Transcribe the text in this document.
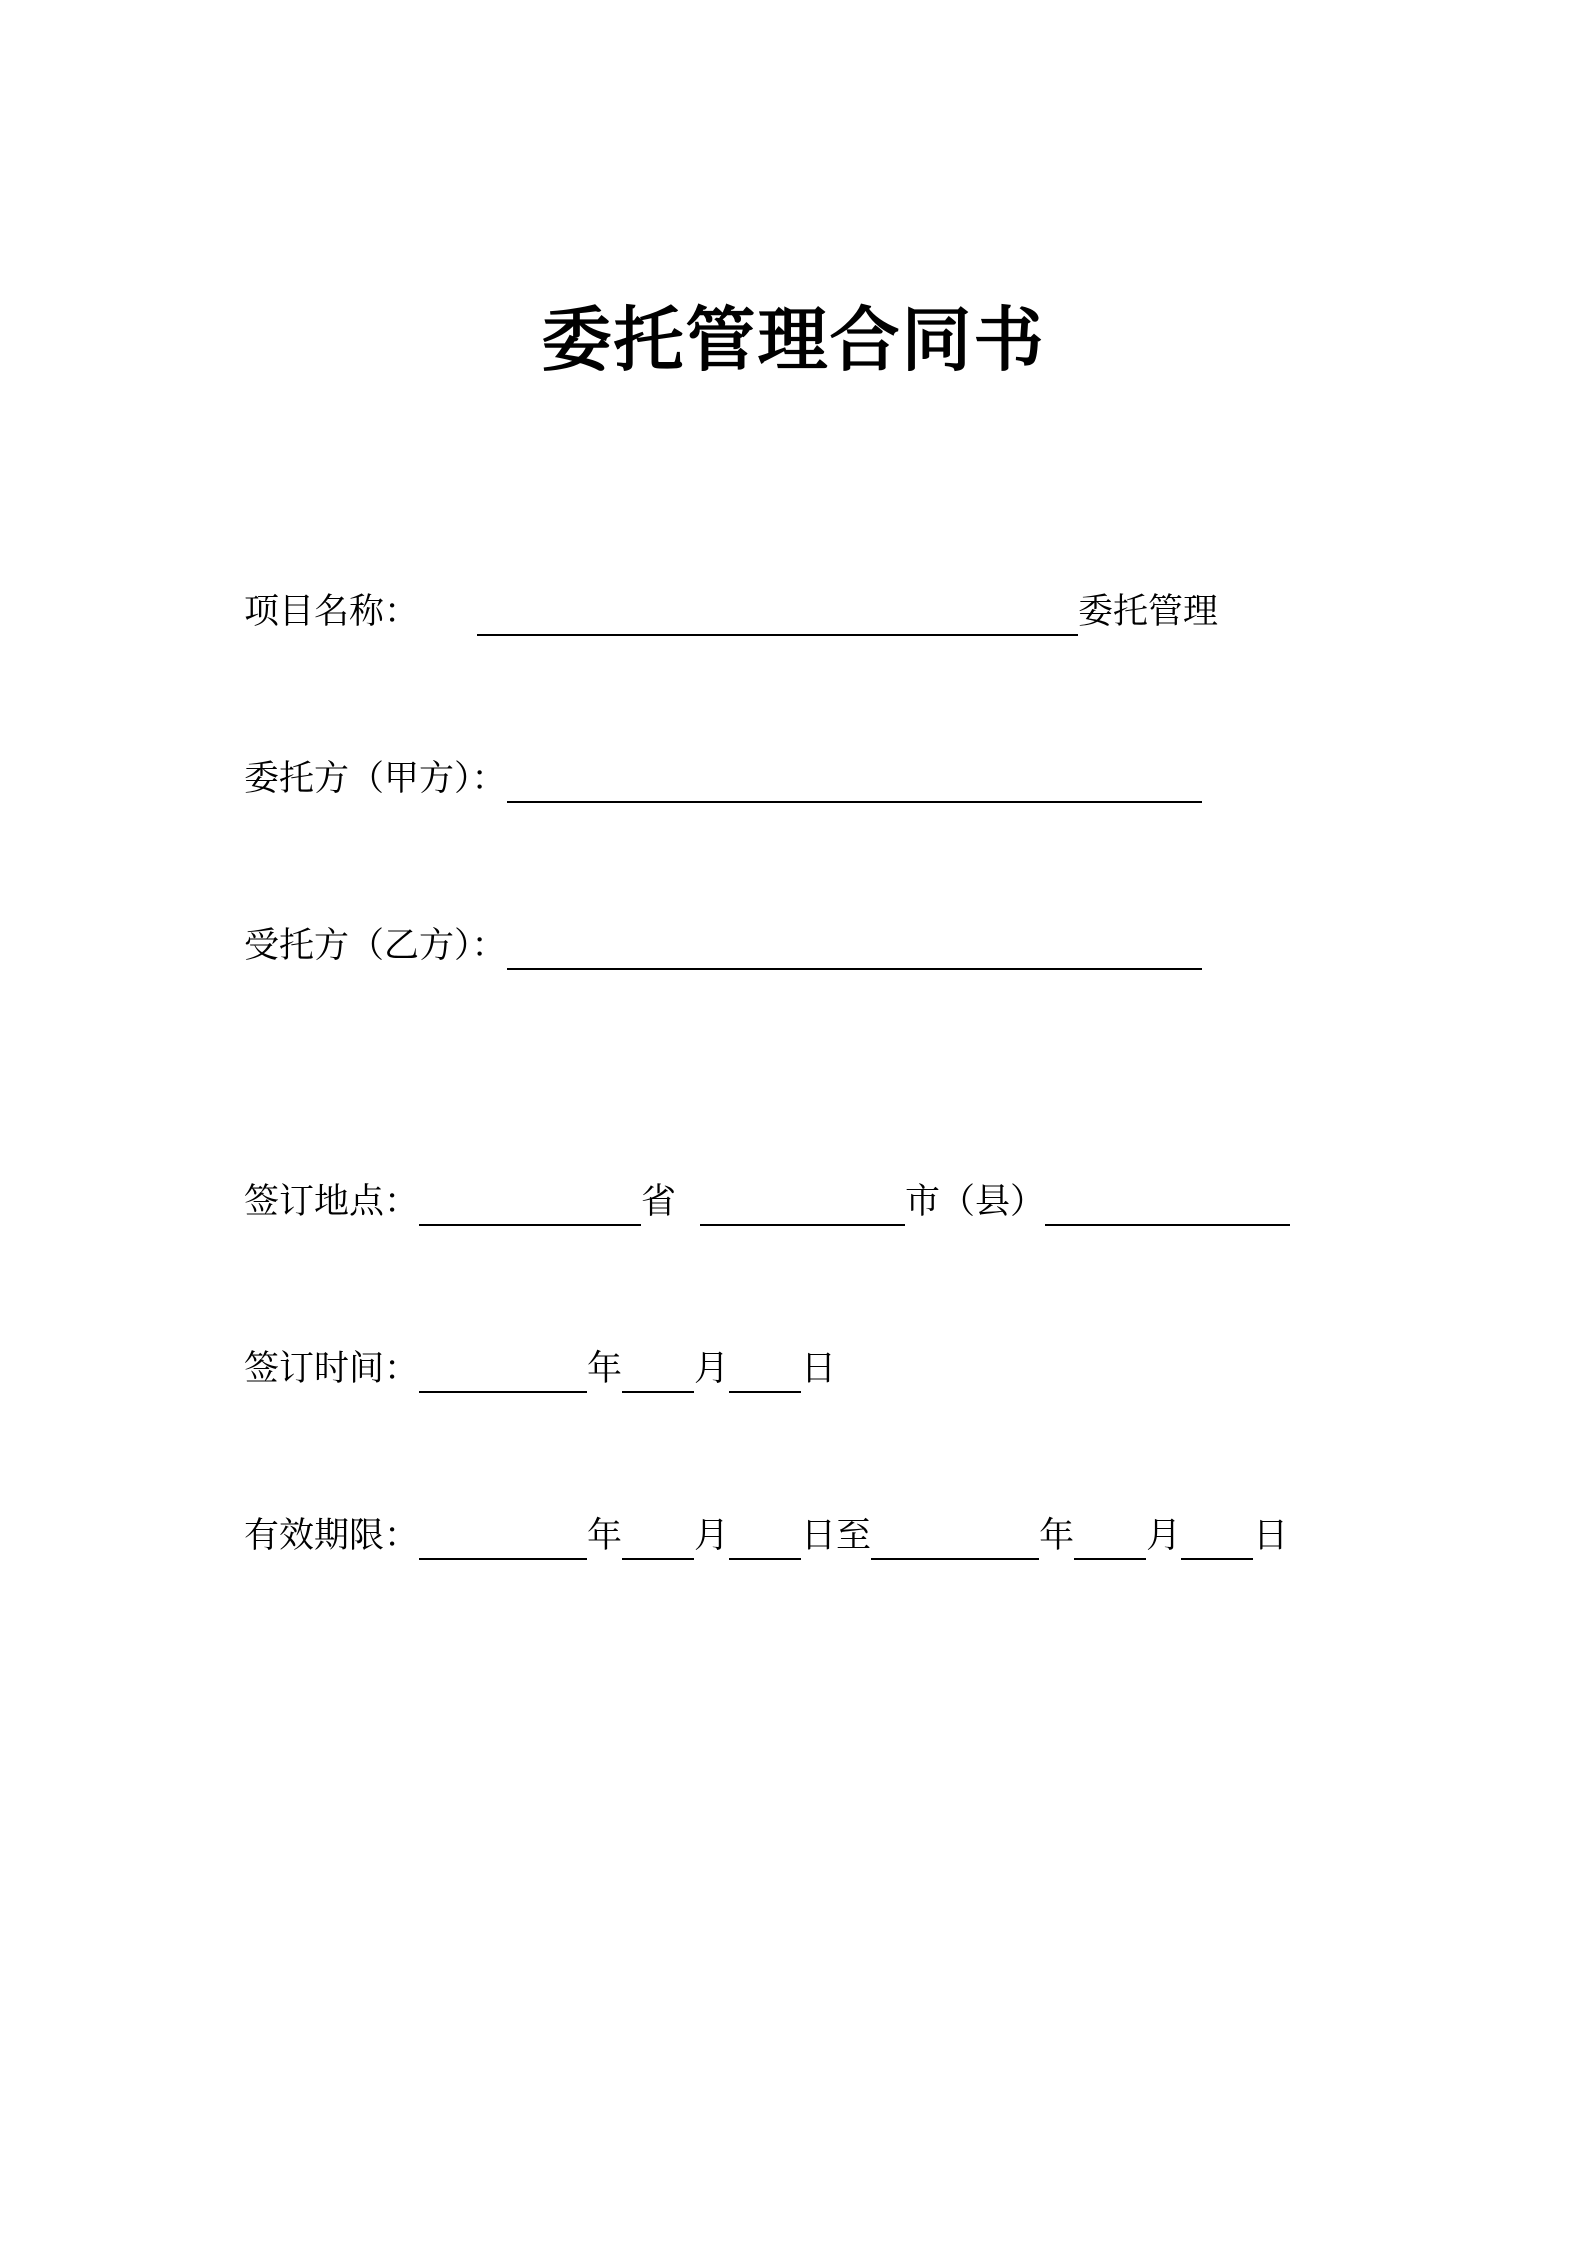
委托管理合同书
项目名称：	委托管理
委托方（甲方）：
受托方（乙方）：
签订地点：	省	市（县）
签订时间：	年 月 日
有效期限：	年 月 日至	年 月 日
